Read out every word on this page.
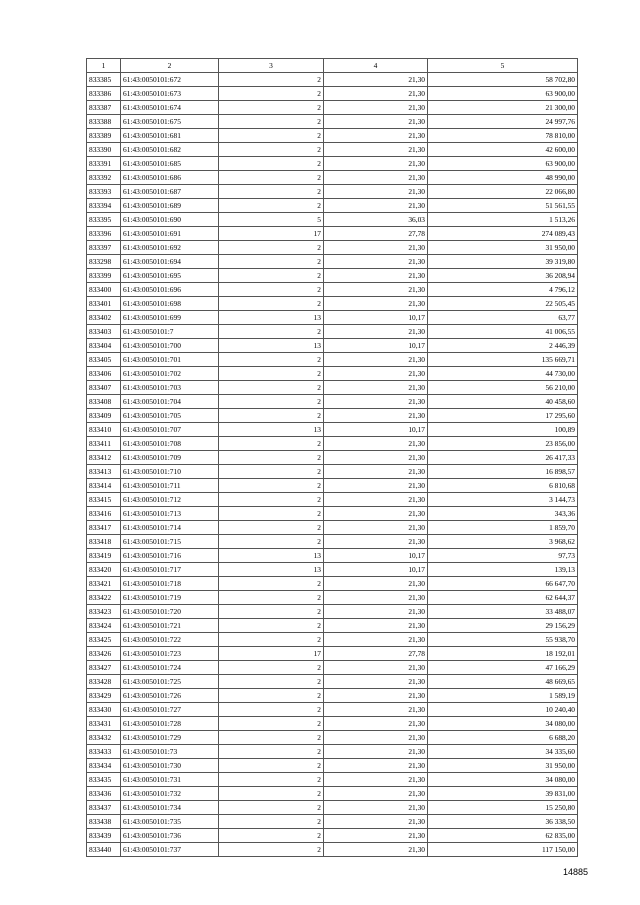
1	2	3	4	5
833385	61:43:0050101:672	2	21,30	58 702,80
833386	61:43:0050101:673	2	21,30	63 900,00
833387	61:43:0050101:674	2	21,30	21 300,00
833388	61:43:0050101:675	2	21,30	24 997,76
833389	61:43:0050101:681	2	21,30	78 810,00
833390	61:43:0050101:682	2	21,30	42 600,00
833391	61:43:0050101:685	2	21,30	63 900,00
833392	61:43:0050101:686	2	21,30	48 990,00
833393	61:43:0050101:687	2	21,30	22 066,80
833394	61:43:0050101:689	2	21,30	51 561,55
833395	61:43:0050101:690	5	36,03	1 513,26
833396	61:43:0050101:691	17	27,78	274 089,43
833397	61:43:0050101:692	2	21,30	31 950,00
833298	61:43:0050101:694	2	21,30	39 319,80
833399	61:43:0050101:695	2	21,30	36 208,94
833400	61:43:0050101:696	2	21,30	4 796,12
833401	61:43:0050101:698	2	21,30	22 505,45
833402	61:43:0050101:699	13	10,17	63,77
833403	61:43:0050101:7	2	21,30	41 006,55
833404	61:43:0050101:700	13	10,17	2 446,39
833405	61:43:0050101:701	2	21,30	135 669,71
833406	61:43:0050101:702	2	21,30	44 730,00
833407	61:43:0050101:703	2	21,30	56 210,00
833408	61:43:0050101:704	2	21,30	40 458,60
833409	61:43:0050101:705	2	21,30	17 295,60
833410	61:43:0050101:707	13	10,17	100,89
833411	61:43:0050101:708	2	21,30	23 856,00
833412	61:43:0050101:709	2	21,30	26 417,33
833413	61:43:0050101:710	2	21,30	16 898,57
833414	61:43:0050101:711	2	21,30	6 810,68
833415	61:43:0050101:712	2	21,30	3 144,73
833416	61:43:0050101:713	2	21,30	343,36
833417	61:43:0050101:714	2	21,30	1 859,70
833418	61:43:0050101:715	2	21,30	3 968,62
833419	61:43:0050101:716	13	10,17	97,73
833420	61:43:0050101:717	13	10,17	139,13
833421	61:43:0050101:718	2	21,30	66 647,70
833422	61:43:0050101:719	2	21,30	62 644,37
833423	61:43:0050101:720	2	21,30	33 488,07
833424	61:43:0050101:721	2	21,30	29 156,29
833425	61:43:0050101:722	2	21,30	55 938,70
833426	61:43:0050101:723	17	27,78	18 192,01
833427	61:43:0050101:724	2	21,30	47 166,29
833428	61:43:0050101:725	2	21,30	48 669,65
833429	61:43:0050101:726	2	21,30	1 589,19
833430	61:43:0050101:727	2	21,30	10 240,40
833431	61:43:0050101:728	2	21,30	34 080,00
833432	61:43:0050101:729	2	21,30	6 688,20
833433	61:43:0050101:73	2	21,30	34 335,60
833434	61:43:0050101:730	2	21,30	31 950,00
833435	61:43:0050101:731	2	21,30	34 080,00
833436	61:43:0050101:732	2	21,30	39 831,00
833437	61:43:0050101:734	2	21,30	15 250,80
833438	61:43:0050101:735	2	21,30	36 338,50
833439	61:43:0050101:736	2	21,30	62 835,00
833440	61:43:0050101:737	2	21,30	117 150,00
14885
